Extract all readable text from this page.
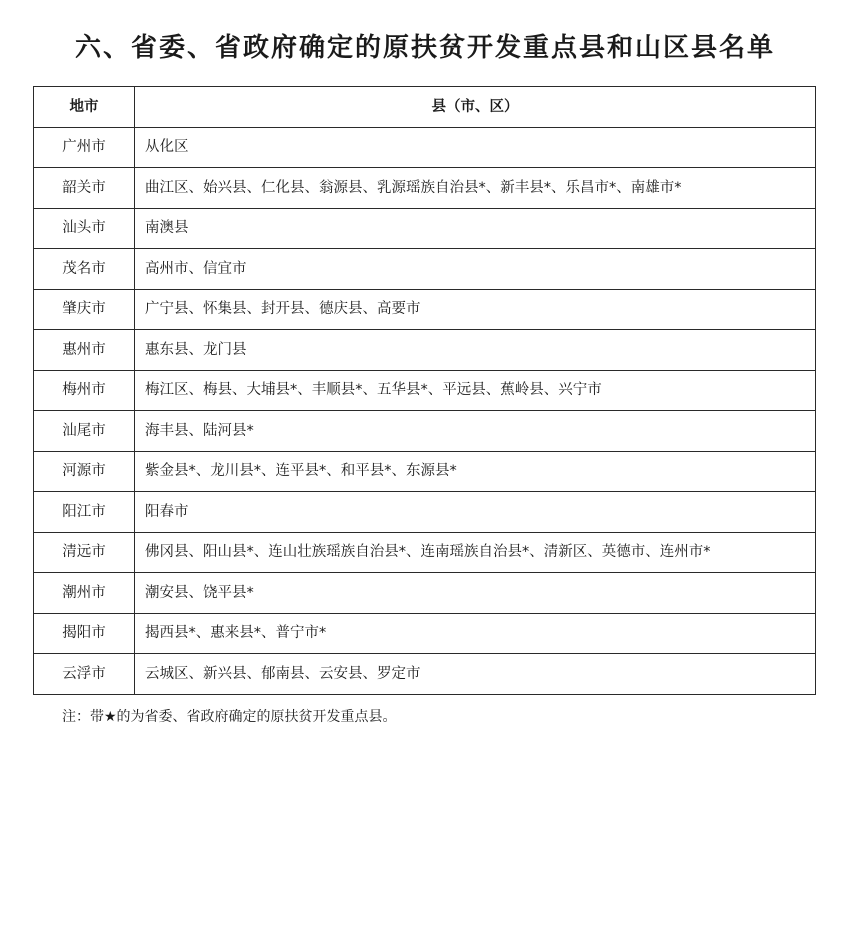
六、省委、省政府确定的原扶贫开发重点县和山区县名单
地市	县（市、区）
广州市	从化区
韶关市	曲江区、始兴县、仁化县、翁源县、乳源瑶族自治县*、新丰县*、乐昌市*、南雄市*
汕头市	南澳县
茂名市	高州市、信宜市
肇庆市	广宁县、怀集县、封开县、德庆县、高要市
惠州市	惠东县、龙门县
梅州市	梅江区、梅县、大埔县*、丰顺县*、五华县*、平远县、蕉岭县、兴宁市
汕尾市	海丰县、陆河县*
河源市	紫金县*、龙川县*、连平县*、和平县*、东源县*
阳江市	阳春市
清远市	佛冈县、阳山县*、连山壮族瑶族自治县*、连南瑶族自治县*、清新区、英德市、连州市*
潮州市	潮安县、饶平县*
揭阳市	揭西县*、惠来县*、普宁市*
云浮市	云城区、新兴县、郁南县、云安县、罗定市
注：带★的为省委、省政府确定的原扶贫开发重点县。
